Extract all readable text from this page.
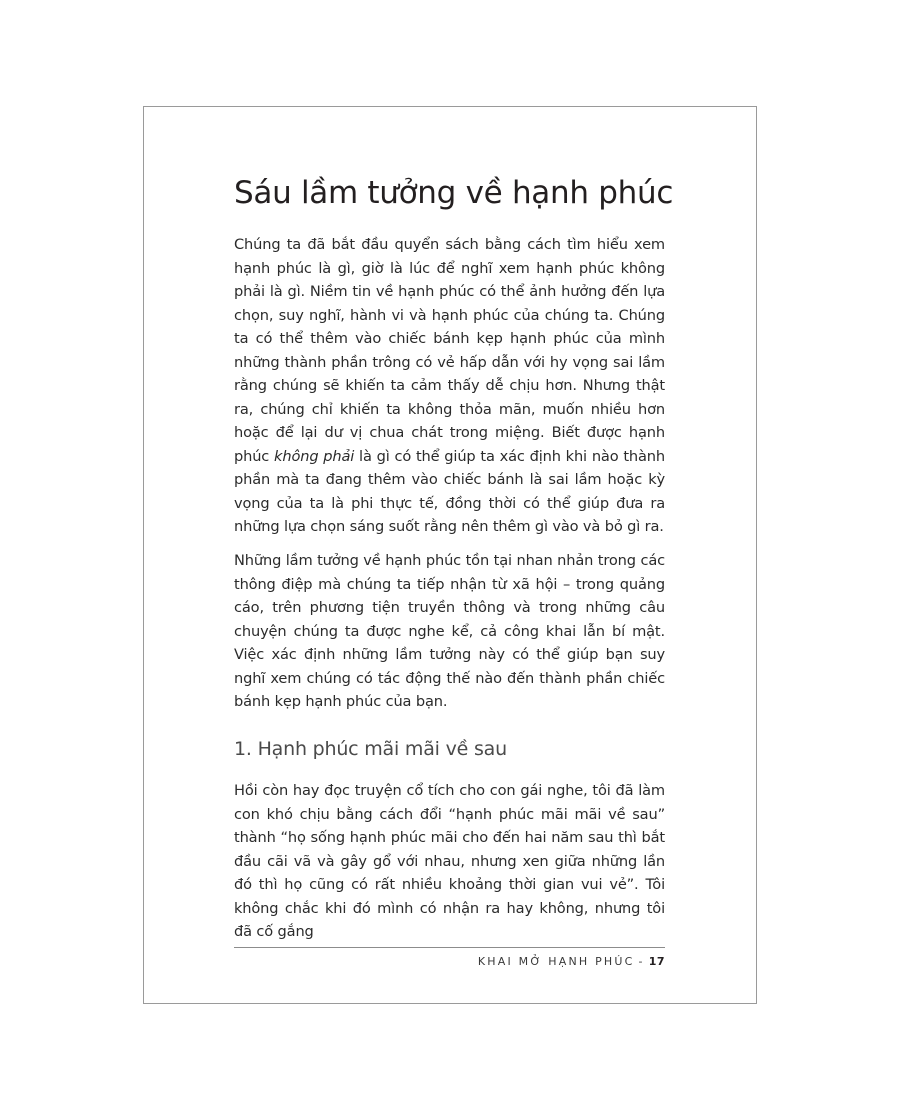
Sáu lầm tưởng về hạnh phúc

Chúng ta đã bắt đầu quyển sách bằng cách tìm hiểu xem hạnh phúc là gì, giờ là lúc để nghĩ xem hạnh phúc không phải là gì. Niềm tin về hạnh phúc có thể ảnh hưởng đến lựa chọn, suy nghĩ, hành vi và hạnh phúc của chúng ta. Chúng ta có thể thêm vào chiếc bánh kẹp hạnh phúc của mình những thành phần trông có vẻ hấp dẫn với hy vọng sai lầm rằng chúng sẽ khiến ta cảm thấy dễ chịu hơn. Nhưng thật ra, chúng chỉ khiến ta không thỏa mãn, muốn nhiều hơn hoặc để lại dư vị chua chát trong miệng. Biết được hạnh phúc không phải là gì có thể giúp ta xác định khi nào thành phần mà ta đang thêm vào chiếc bánh là sai lầm hoặc kỳ vọng của ta là phi thực tế, đồng thời có thể giúp đưa ra những lựa chọn sáng suốt rằng nên thêm gì vào và bỏ gì ra.

Những lầm tưởng về hạnh phúc tồn tại nhan nhản trong các thông điệp mà chúng ta tiếp nhận từ xã hội – trong quảng cáo, trên phương tiện truyền thông và trong những câu chuyện chúng ta được nghe kể, cả công khai lẫn bí mật. Việc xác định những lầm tưởng này có thể giúp bạn suy nghĩ xem chúng có tác động thế nào đến thành phần chiếc bánh kẹp hạnh phúc của bạn.

1. Hạnh phúc mãi mãi về sau

Hồi còn hay đọc truyện cổ tích cho con gái nghe, tôi đã làm con khó chịu bằng cách đổi “hạnh phúc mãi mãi về sau” thành “họ sống hạnh phúc mãi cho đến hai năm sau thì bắt đầu cãi vã và gây gổ với nhau, nhưng xen giữa những lần đó thì họ cũng có rất nhiều khoảng thời gian vui vẻ”. Tôi không chắc khi đó mình có nhận ra hay không, nhưng tôi đã cố gắng

KHAI MỞ HẠNH PHÚC - 17
